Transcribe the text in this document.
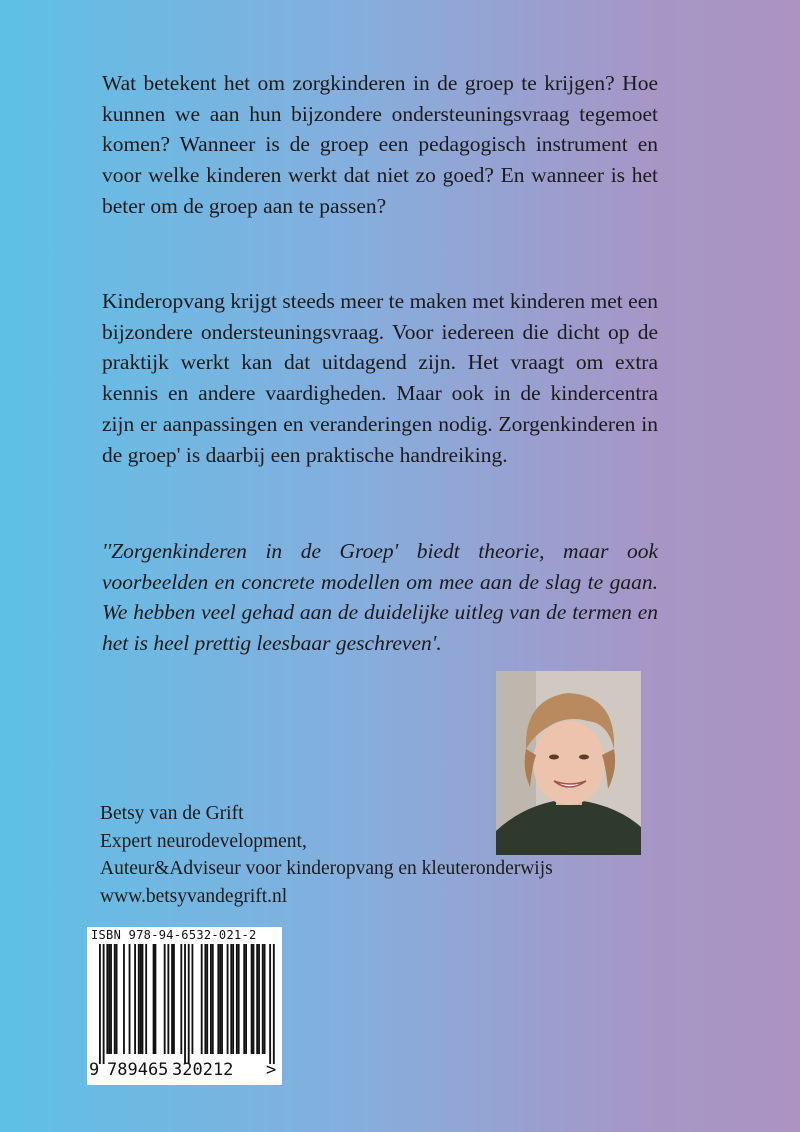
Wat betekent het om zorgkinderen in de groep te krijgen? Hoe kunnen we aan hun bijzondere ondersteuningsvraag tegemoet komen? Wanneer is de groep een pedagogisch instrument en voor welke kinderen werkt dat niet zo goed? En wanneer is het beter om de groep aan te passen?

Kinderopvang krijgt steeds meer te maken met kinderen met een bijzondere ondersteuningsvraag. Voor iedereen die dicht op de praktijk werkt kan dat uitdagend zijn. Het vraagt om extra kennis en andere vaardigheden. Maar ook in de kindercentra zijn er aanpassingen en veranderingen nodig. Zorgenkinderen in de groep' is daarbij een praktische handreiking.

''Zorgenkinderen in de Groep' biedt theorie, maar ook voorbeelden en concrete modellen om mee aan de slag te gaan. We hebben veel gehad aan de duidelijke uitleg van de termen en het is heel prettig leesbaar geschreven'.

Betsy van de Grift
Expert neurodevelopment,
Auteur&Adviseur voor kinderopvang en kleuteronderwijs
www.betsyvandegrift.nl
ISBN 978-94-6532-021-2
9 789465 320212 >
